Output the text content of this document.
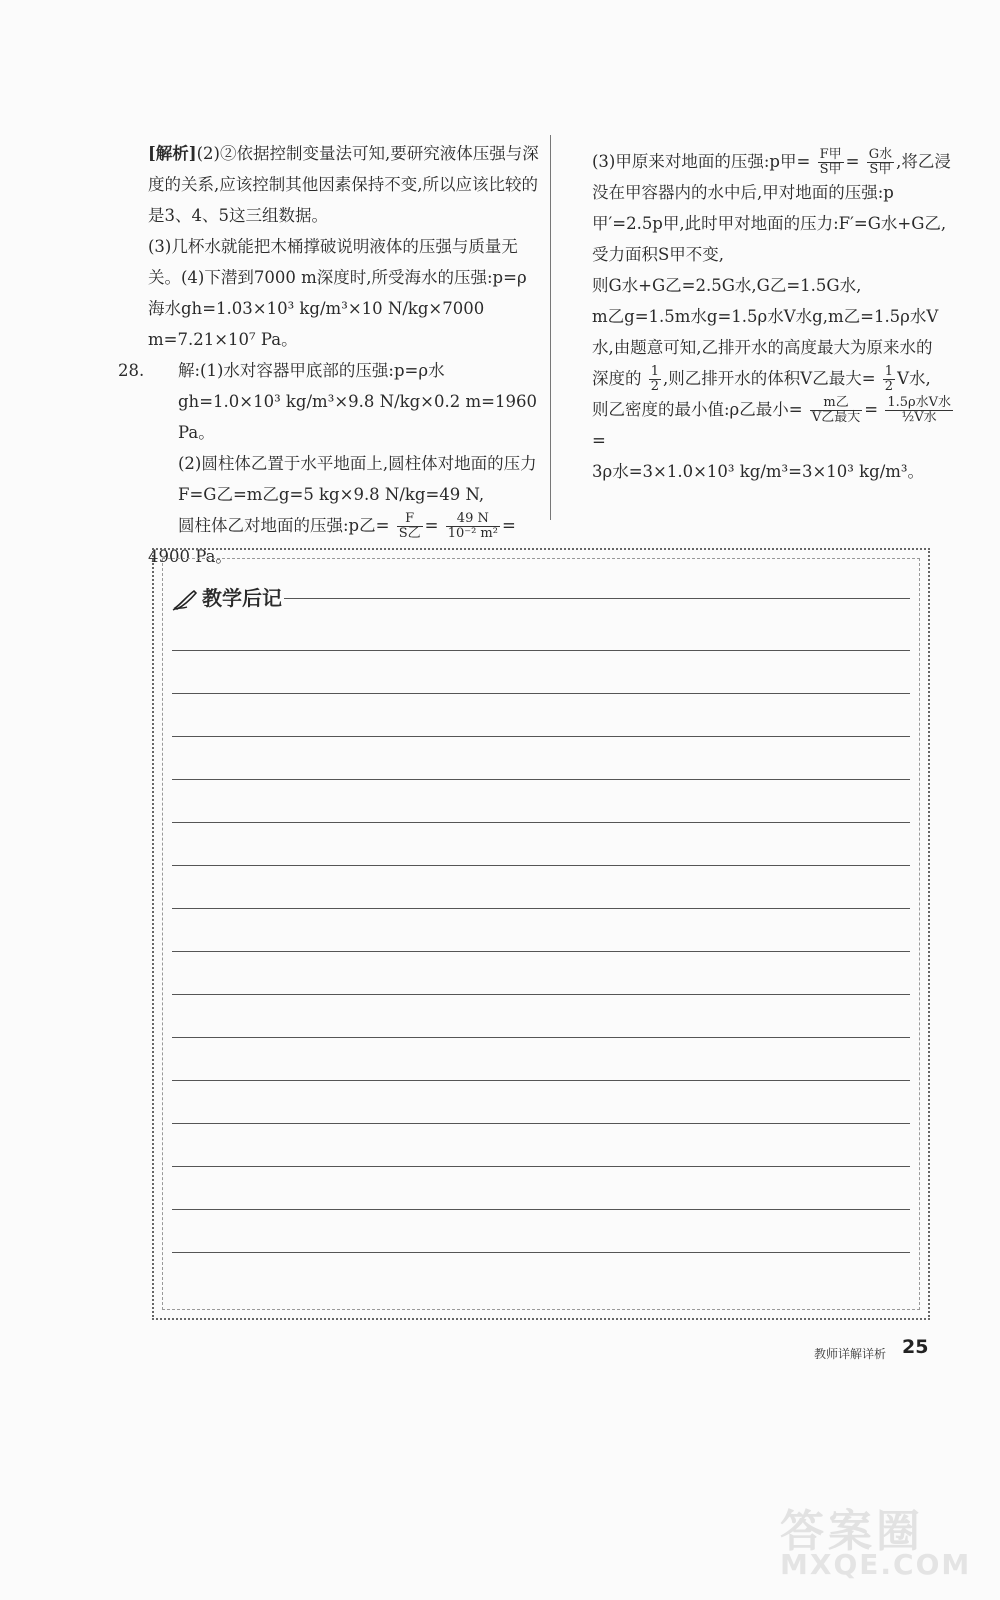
[解析](2)②依据控制变量法可知,要研究液体压强与深度的关系,应该控制其他因素保持不变,所以应该比较的是3、4、5这三组数据。

(3)几杯水就能把木桶撑破说明液体的压强与质量无关。(4)下潜到7000 m深度时,所受海水的压强:p=ρ海水gh=1.03×10³ kg/m³×10 N/kg×7000 m=7.21×10⁷ Pa。

28. 解:(1)水对容器甲底部的压强:p=ρ水gh=1.0×10³ kg/m³×9.8 N/kg×0.2 m=1960 Pa。

(2)圆柱体乙置于水平地面上,圆柱体对地面的压力F=G乙=m乙g=5 kg×9.8 N/kg=49 N,

圆柱体乙对地面的压强:p乙= $\frac{F}{\text{S乙}} = \frac{49 N}{\text{10⁻² m²}}$ =

4900 Pa。

(3)甲原来对地面的压强:p甲= $\frac{\text{F甲}}{\text{S甲}} = \frac{\text{G水}}{\text{S甲}}$ ,将乙浸没在甲容器内的水中后,甲对地面的压强:p甲′=2.5p甲,此时甲对地面的压力:F′=G水+G乙,受力面积S甲不变,

则G水+G乙=2.5G水,G乙=1.5G水,

m乙g=1.5m水g=1.5ρ水V水g,m乙=1.5ρ水V水,由题意可知,乙排开水的高度最大为原来水的

深度的 $\frac{1}{2}$ ,则乙排开水的体积V乙最大= $\frac{1}{2}$ V水,

则乙密度的最小值:ρ乙最小= $\frac{\text{m乙}}{\text{V乙最大}} = \frac{\text{1.5ρ水V水}}{\text{½V水}}$
=

3ρ水=3×1.0×10³ kg/m³=3×10³ kg/m³。

教学后记
教师详解详析 25
答案圈
MXQE.COM
